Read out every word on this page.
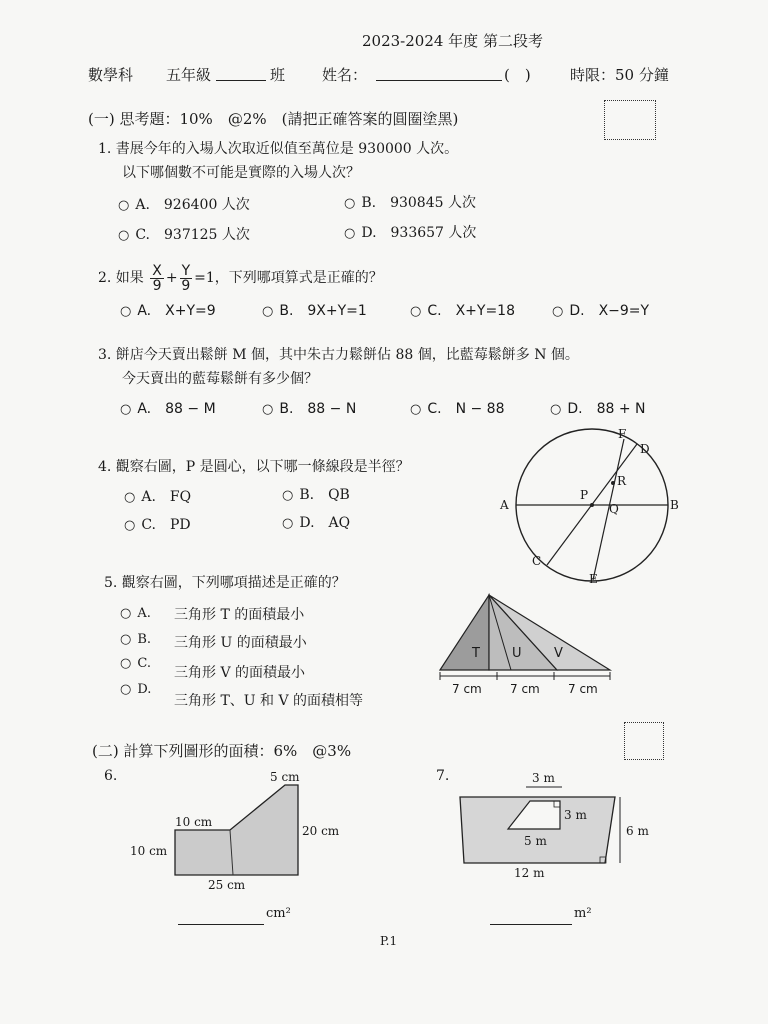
2023-2024 年度 第二段考
數學科 五年級	班 姓名：	(　)	時限：50 分鐘
(一) 思考題：10%　@2%　(請把正確答案的圓圈塗黑)
1. 書展今年的入場人次取近似值至萬位是 930000 人次。
以下哪個數不可能是實際的入場人次？
○ A.　926400 人次	○ B.　930845 人次
○ C.　937125 人次	○ D.　933657 人次
2. 如果 $\frac{X}{9} + \frac{Y}{9} =1$，下列哪項算式是正確的？
○ A.　X+Y=9	○ B.　9X+Y=1	○ C.　X+Y=18	○ D.　X−9=Y
3. 餅店今天賣出鬆餅 M 個，其中朱古力鬆餅佔 88 個，比藍莓鬆餅多 N 個。
今天賣出的藍莓鬆餅有多少個？
○ A.　88 − M	○ B.　88 − N	○ C.　N − 88	○ D.　88 + N
4. 觀察右圖，P 是圓心，以下哪一條線段是半徑？
○ A.　FQ	○ B.　QB
○ C.　PD	○ D.　AQ
A	B
C
D
E
F
P
Q
R
5. 觀察右圖，下列哪項描述是正確的？
○ A. 三角形 T 的面積最小
○ B. 三角形 U 的面積最小
○ C.
三角形 V 的面積最小
○ D.
三角形 T、U 和 V 的面積相等
T U V
7 cm 7 cm 7 cm
(二) 計算下列圖形的面積：6%　@3%
6.	5 cm
10 cm
10 cm
20 cm
25 cm
cm²
7.	3 m
3 m
5 m
6 m
12 m
m²
P.1
